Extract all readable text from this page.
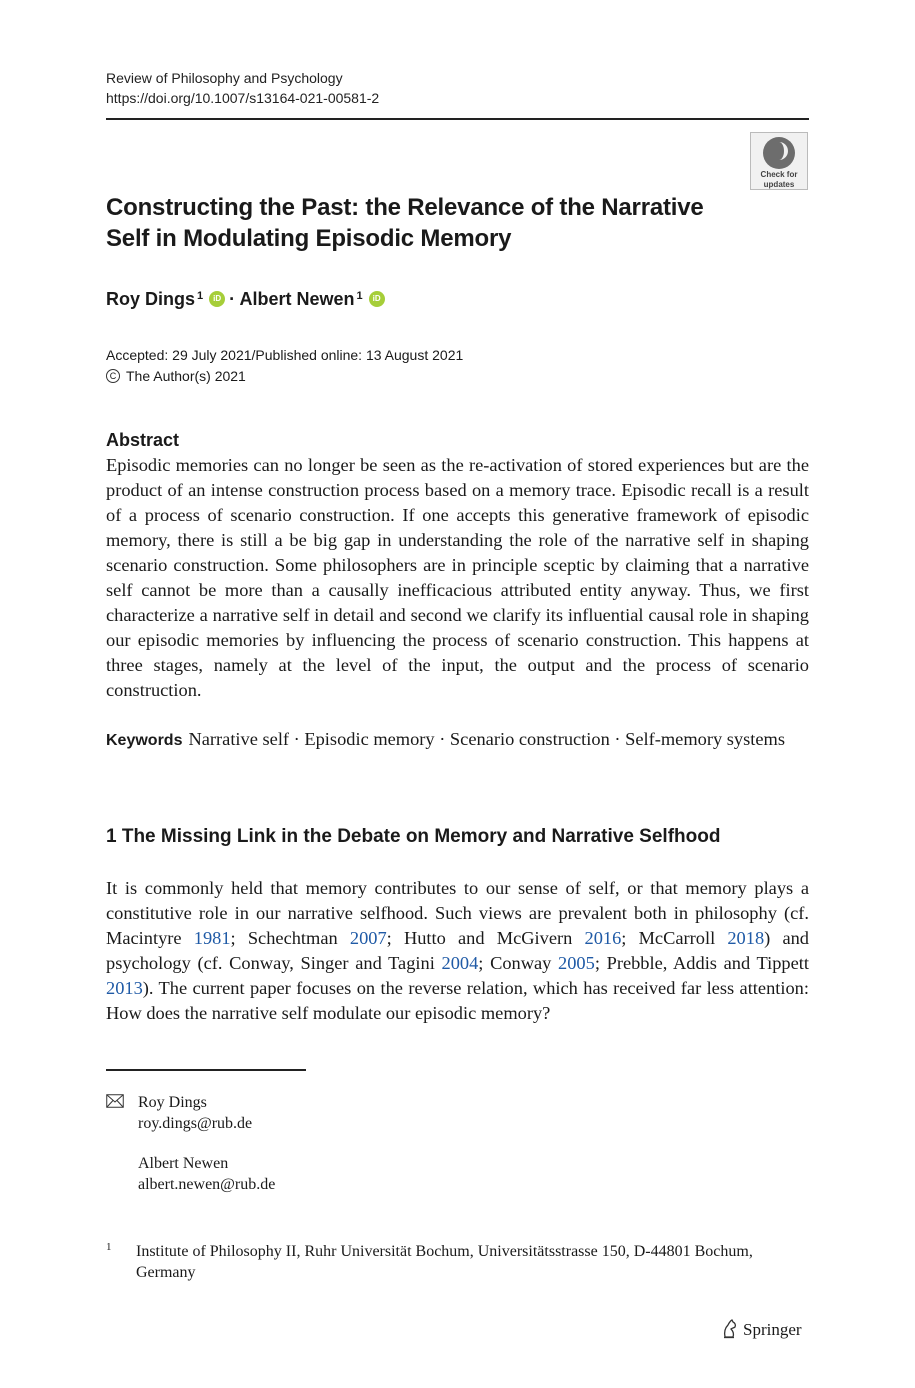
Review of Philosophy and Psychology
https://doi.org/10.1007/s13164-021-00581-2
Check for
updates
Constructing the Past: the Relevance of the Narrative Self in Modulating Episodic Memory
Roy Dings $^1$ iD · Albert Newen $^1$ iD
Accepted: 29 July 2021/Published online: 13 August 2021
C The Author(s) 2021
Abstract
Episodic memories can no longer be seen as the re-activation of stored experiences but are the product of an intense construction process based on a memory trace. Episodic recall is a result of a process of scenario construction. If one accepts this generative framework of episodic memory, there is still a be big gap in understanding the role of the narrative self in shaping scenario construction. Some philosophers are in principle sceptic by claiming that a narrative self cannot be more than a causally inefficacious attributed entity anyway. Thus, we first characterize a narrative self in detail and second we clarify its influential causal role in shaping our episodic memories by influencing the process of scenario construction. This happens at three stages, namely at the level of the input, the output and the process of scenario construction.
Keywords Narrative self · Episodic memory · Scenario construction · Self-memory systems
1 The Missing Link in the Debate on Memory and Narrative Selfhood
It is commonly held that memory contributes to our sense of self, or that memory plays a constitutive role in our narrative selfhood. Such views are prevalent both in philosophy (cf. Macintyre 1981; Schechtman 2007; Hutto and McGivern 2016; McCarroll 2018) and psychology (cf. Conway, Singer and Tagini 2004; Conway 2005; Prebble, Addis and Tippett 2013). The current paper focuses on the reverse relation, which has received far less attention: How does the narrative self modulate our episodic memory?
Roy Dings
roy.dings@rub.de
Albert Newen
albert.newen@rub.de
1 Institute of Philosophy II, Ruhr Universität Bochum, Universitätsstrasse 150, D-44801 Bochum, Germany
Springer
